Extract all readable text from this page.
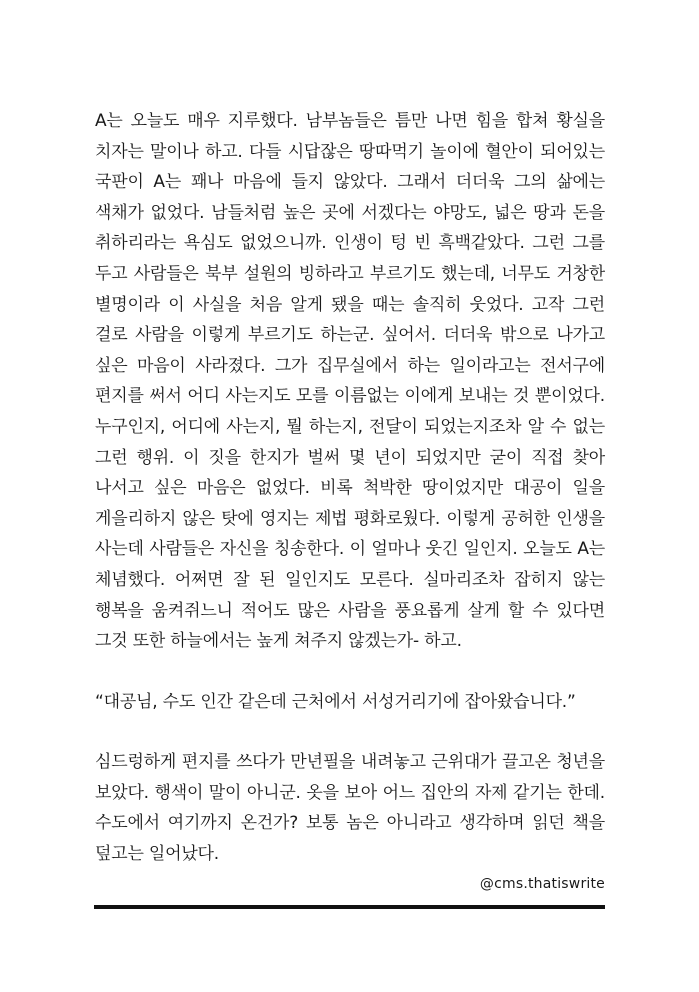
A는 오늘도 매우 지루했다. 남부놈들은 틈만 나면 힘을 합쳐 황실을 치자는 말이나 하고. 다들 시답잖은 땅따먹기 놀이에 혈안이 되어있는 국판이 A는 꽤나 마음에 들지 않았다. 그래서 더더욱 그의 삶에는 색채가 없었다. 남들처럼 높은 곳에 서겠다는 야망도, 넓은 땅과 돈을 취하리라는 욕심도 없었으니까. 인생이 텅 빈 흑백같았다. 그런 그를 두고 사람들은 북부 설원의 빙하라고 부르기도 했는데, 너무도 거창한 별명이라 이 사실을 처음 알게 됐을 때는 솔직히 웃었다. 고작 그런 걸로 사람을 이렇게 부르기도 하는군. 싶어서. 더더욱 밖으로 나가고 싶은 마음이 사라졌다. 그가 집무실에서 하는 일이라고는 전서구에 편지를 써서 어디 사는지도 모를 이름없는 이에게 보내는 것 뿐이었다. 누구인지, 어디에 사는지, 뭘 하는지, 전달이 되었는지조차 알 수 없는 그런 행위. 이 짓을 한지가 벌써 몇 년이 되었지만 굳이 직접 찾아 나서고 싶은 마음은 없었다. 비록 척박한 땅이었지만 대공이 일을 게을리하지 않은 탓에 영지는 제법 평화로웠다. 이렇게 공허한 인생을 사는데 사람들은 자신을 칭송한다. 이 얼마나 웃긴 일인지. 오늘도 A는 체념했다. 어쩌면 잘 된 일인지도 모른다. 실마리조차 잡히지 않는 행복을 움켜쥐느니 적어도 많은 사람을 풍요롭게 살게 할 수 있다면 그것 또한 하늘에서는 높게 쳐주지 않겠는가- 하고.

“대공님, 수도 인간 같은데 근처에서 서성거리기에 잡아왔습니다.”

심드렁하게 편지를 쓰다가 만년필을 내려놓고 근위대가 끌고온 청년을 보았다. 행색이 말이 아니군. 옷을 보아 어느 집안의 자제 같기는 한데. 수도에서 여기까지 온건가? 보통 놈은 아니라고 생각하며 읽던 책을 덮고는 일어났다.

@cms.thatiswrite
